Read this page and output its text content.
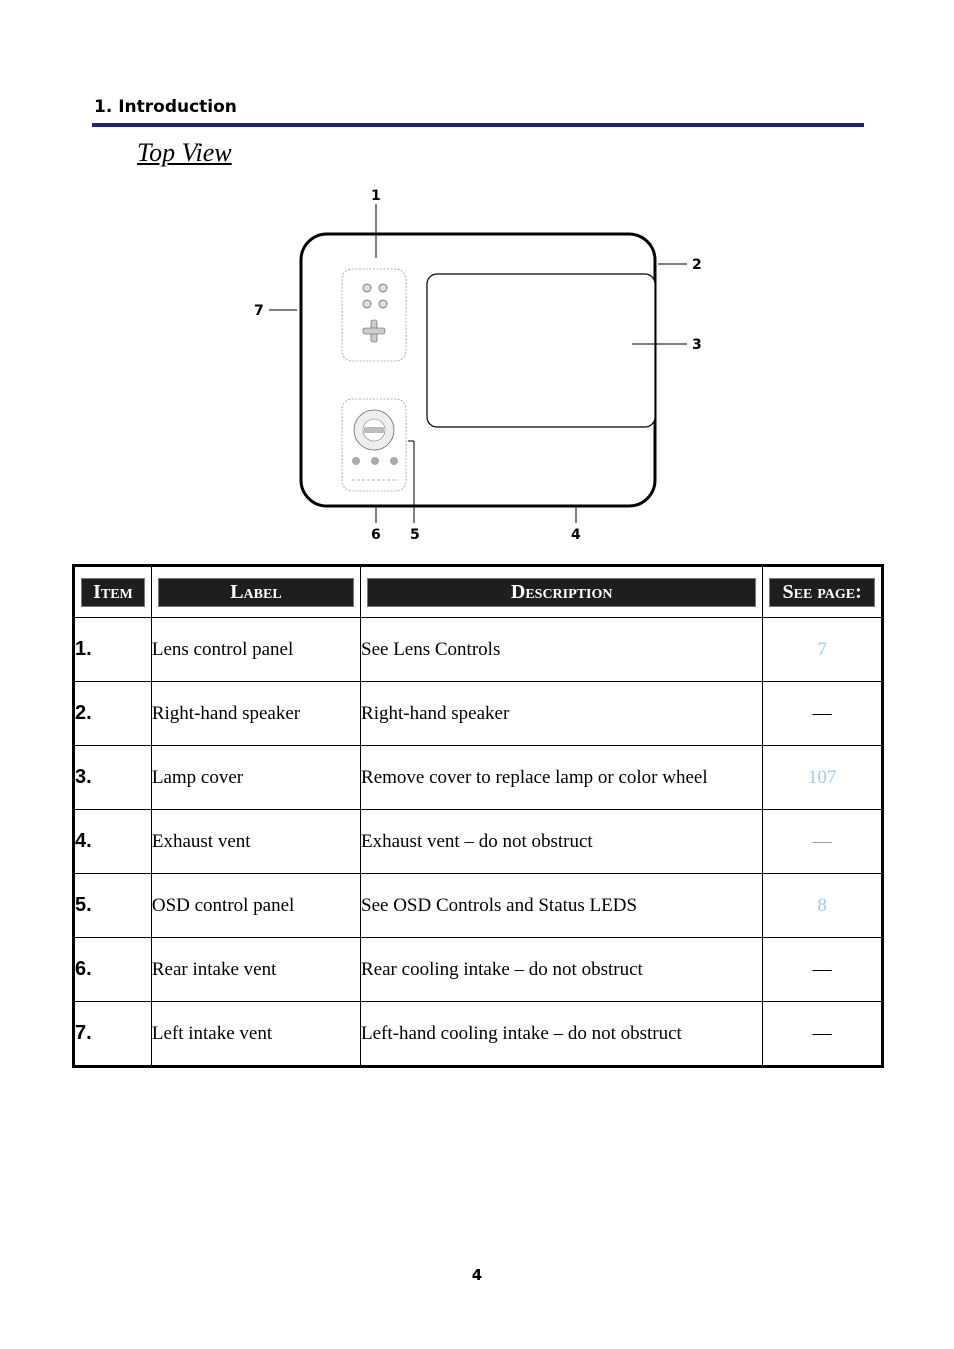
1. Introduction
Top View
1
2
3
4
5
6
7
Item	Label	Description	See page:

1.	Lens control panel	See Lens Controls	7
2.	Right-hand speaker	Right-hand speaker	—
3.	Lamp cover	Remove cover to replace lamp or color wheel	107
4.	Exhaust vent	Exhaust vent – do not obstruct	—
5.	OSD control panel	See OSD Controls and Status LEDS	8
6.	Rear intake vent	Rear cooling intake – do not obstruct	—
7.	Left intake vent	Left-hand cooling intake – do not obstruct	—
4
